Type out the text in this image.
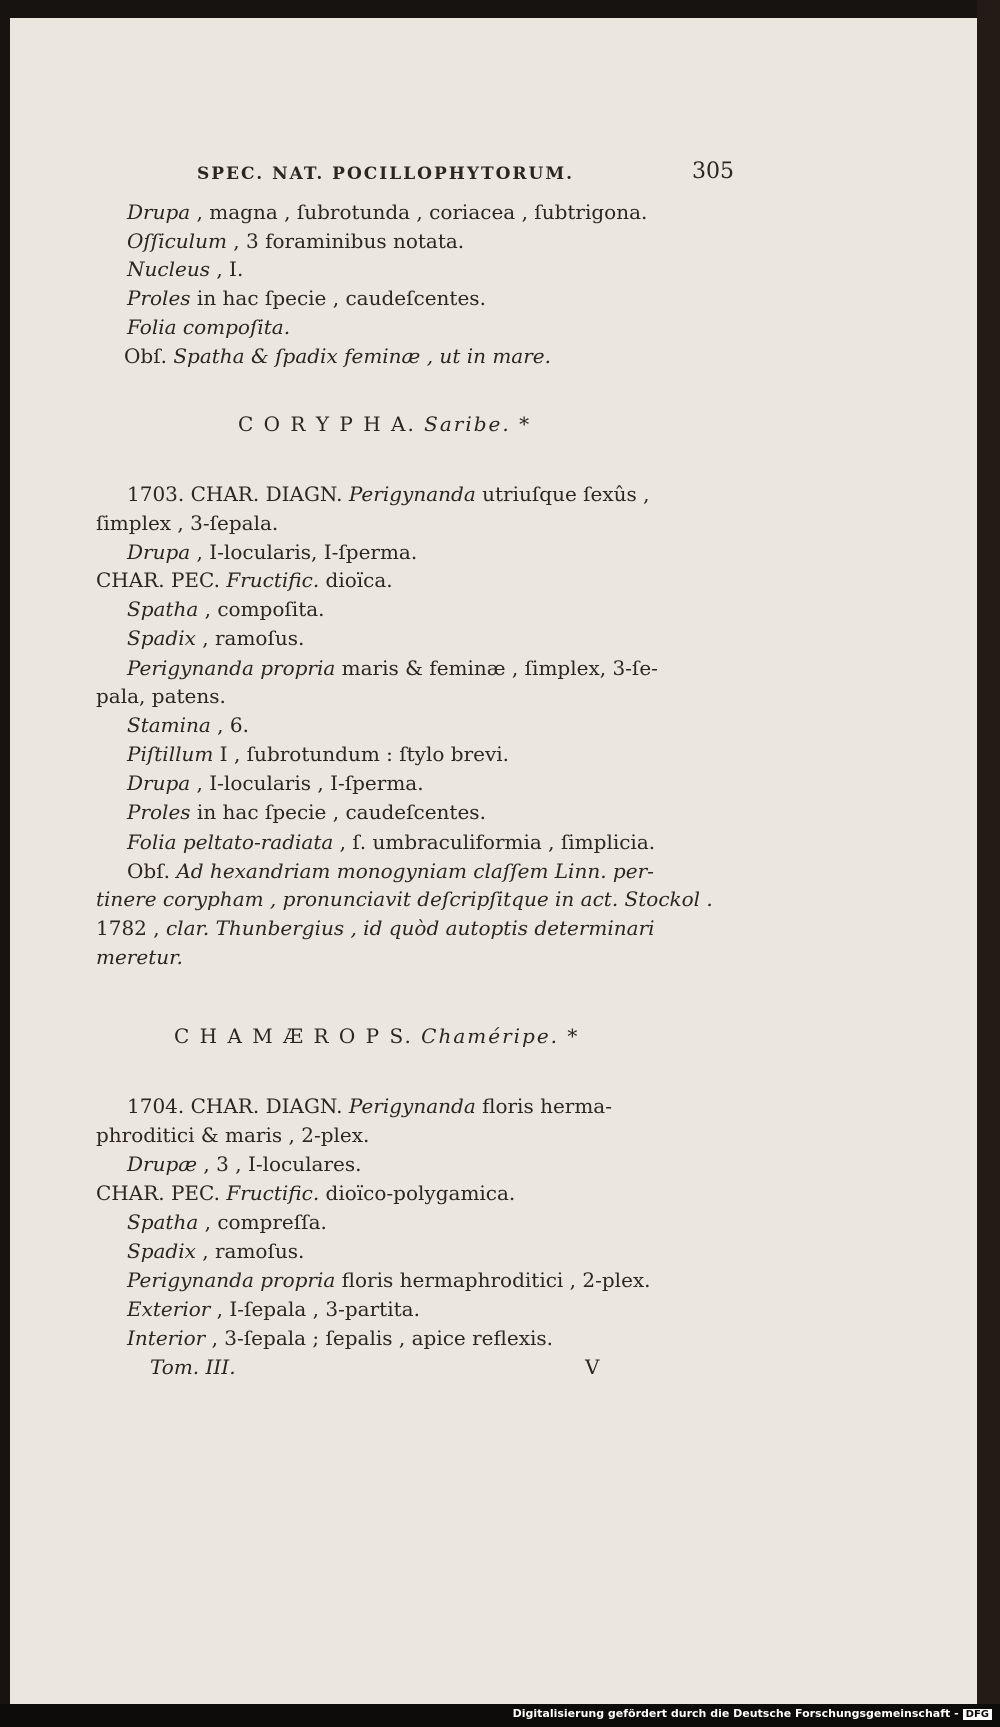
SPEC. NAT. POCILLOPHYTORUM.	305
Drupa , magna , ſubrotunda , coriacea , ſubtrigona.
Oſſiculum , 3 foraminibus notata.
Nucleus , I.
Proles in hac ſpecie , caudeſcentes.
Folia compoſita.
Obſ. Spatha & ſpadix feminæ , ut in mare.
C O R Y P H A. Saribe. *
1703. CHAR. DIAGN. Perigynanda utriuſque ſexûs ,
ſimplex , 3-ſepala.
Drupa , I-locularis, I-ſperma.
CHAR. PEC. Fructific. dioïca.
Spatha , compoſita.
Spadix , ramoſus.
Perigynanda propria maris & feminæ , ſimplex, 3-ſe-
pala, patens.
Stamina , 6.
Piſtillum I , ſubrotundum : ſtylo brevi.
Drupa , I-locularis , I-ſperma.
Proles in hac ſpecie , caudeſcentes.
Folia peltato-radiata , ſ. umbraculiformia , ſimplicia.
Obſ. Ad hexandriam monogyniam claſſem Linn. per-
tinere corypham , pronunciavit deſcripſitque in act. Stockol .
1782 , clar. Thunbergius , id quòd autoptis determinari
meretur.
C H A M Æ R O P S. Chaméripe. *
1704. CHAR. DIAGN. Perigynanda floris herma-
phroditici & maris , 2-plex.
Drupæ , 3 , I-loculares.
CHAR. PEC. Fructific. dioïco-polygamica.
Spatha , compreſſa.
Spadix , ramoſus.
Perigynanda propria floris hermaphroditici , 2-plex.
Exterior , I-ſepala , 3-partita.
Interior , 3-ſepala ; ſepalis , apice reflexis.
Tom. III.	V
Digitalisierung gefördert durch die Deutsche Forschungsgemeinschaft - DFG
